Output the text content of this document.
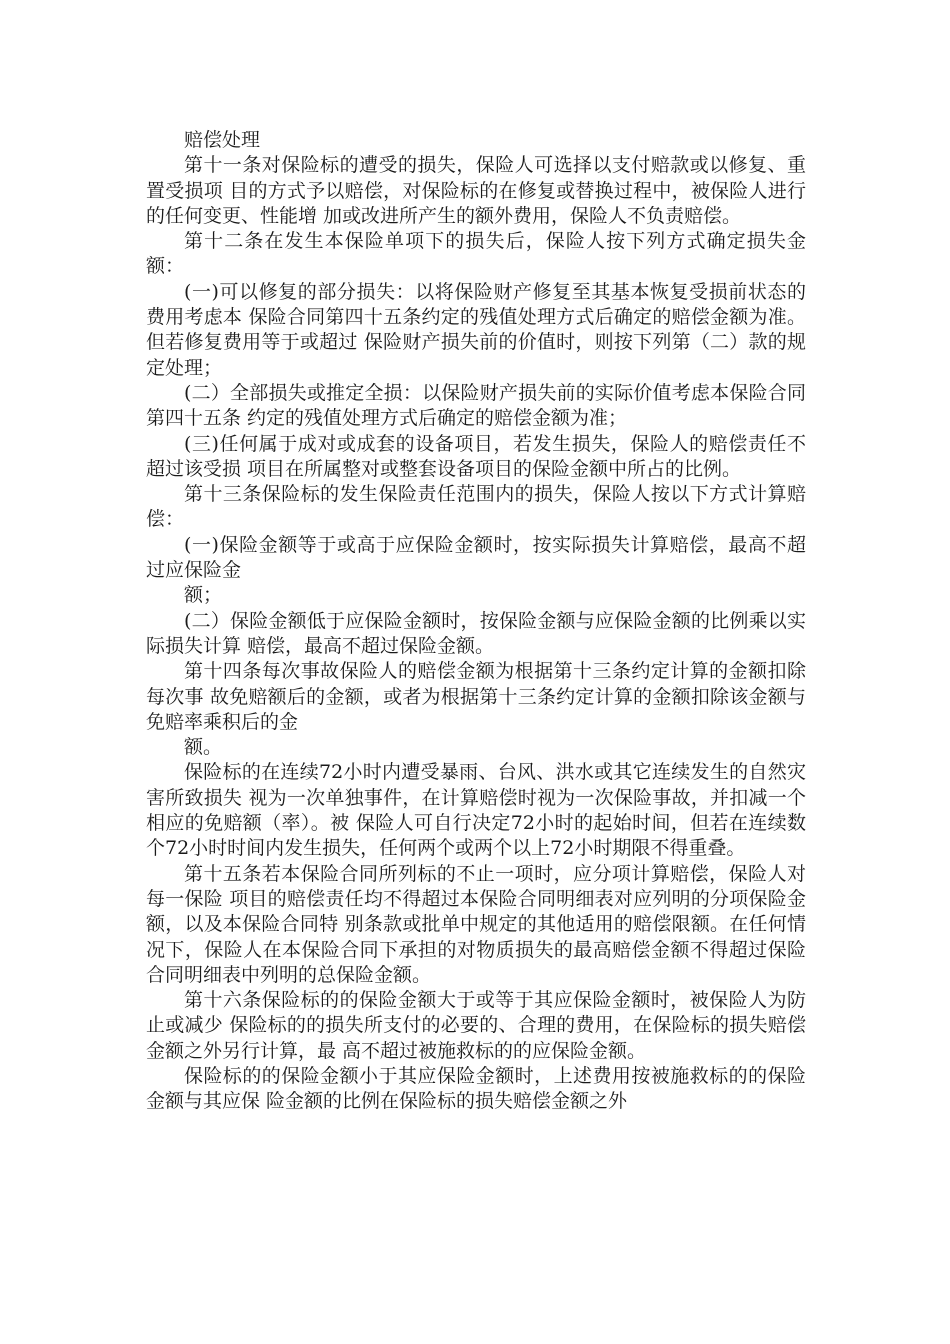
赔偿处理

第十一条对保险标的遭受的损失，保险人可选择以支付赔款或以修复、重置受损项 目的方式予以赔偿，对保险标的在修复或替换过程中，被保险人进行的任何变更、性能增 加或改进所产生的额外费用，保险人不负责赔偿。

第十二条在发生本保险单项下的损失后，保险人按下列方式确定损失金额：

(一)可以修复的部分损失：以将保险财产修复至其基本恢复受损前状态的费用考虑本 保险合同第四十五条约定的残值处理方式后确定的赔偿金额为准。但若修复费用等于或超过 保险财产损失前的价值时，则按下列第（二）款的规定处理；

(二）全部损失或推定全损：以保险财产损失前的实际价值考虑本保险合同第四十五条 约定的残值处理方式后确定的赔偿金额为准；

(三)任何属于成对或成套的设备项目，若发生损失，保险人的赔偿责任不超过该受损 项目在所属整对或整套设备项目的保险金额中所占的比例。

第十三条保险标的发生保险责任范围内的损失，保险人按以下方式计算赔偿：

(一)保险金额等于或高于应保险金额时，按实际损失计算赔偿，最高不超过应保险金

额；

(二）保险金额低于应保险金额时，按保险金额与应保险金额的比例乘以实际损失计算 赔偿，最高不超过保险金额。

第十四条每次事故保险人的赔偿金额为根据第十三条约定计算的金额扣除每次事 故免赔额后的金额，或者为根据第十三条约定计算的金额扣除该金额与免赔率乘积后的金

额。

保险标的在连续72小时内遭受暴雨、台风、洪水或其它连续发生的自然灾害所致损失 视为一次单独事件，在计算赔偿时视为一次保险事故，并扣减一个相应的免赔额（率）。被 保险人可自行决定72小时的起始时间，但若在连续数个72小时时间内发生损失，任何两个或两个以上72小时期限不得重叠。

第十五条若本保险合同所列标的不止一项时，应分项计算赔偿，保险人对每一保险 项目的赔偿责任均不得超过本保险合同明细表对应列明的分项保险金额，以及本保险合同特 别条款或批单中规定的其他适用的赔偿限额。在任何情况下，保险人在本保险合同下承担的对物质损失的最高赔偿金额不得超过保险合同明细表中列明的总保险金额。

第十六条保险标的的保险金额大于或等于其应保险金额时，被保险人为防止或减少 保险标的的损失所支付的必要的、合理的费用，在保险标的损失赔偿金额之外另行计算，最 高不超过被施救标的的应保险金额。

保险标的的保险金额小于其应保险金额时，上述费用按被施救标的的保险金额与其应保 险金额的比例在保险标的损失赔偿金额之外
